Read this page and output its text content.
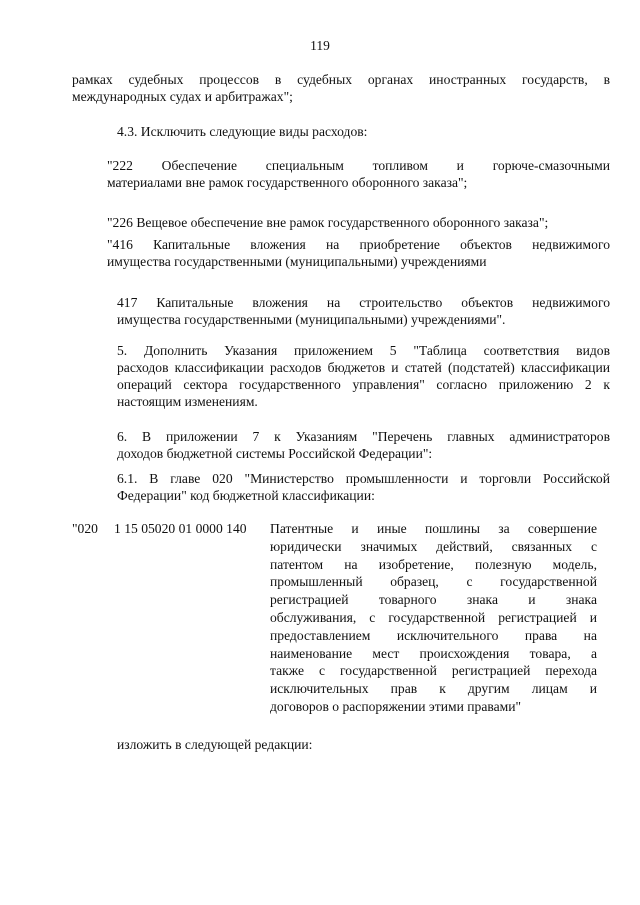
119
рамках судебных процессов в судебных органах иностранных государств, в
международных судах и арбитражах";
4.3. Исключить следующие виды расходов:
"222 Обеспечение специальным топливом и горюче-смазочными
материалами вне рамок государственного оборонного заказа";
"226 Вещевое обеспечение вне рамок государственного оборонного заказа";
"416 Капитальные вложения на приобретение объектов недвижимого
имущества государственными (муниципальными) учреждениями
417 Капитальные вложения на строительство объектов недвижимого
имущества государственными (муниципальными) учреждениями".
5. Дополнить Указания приложением 5 "Таблица соответствия видов
расходов классификации расходов бюджетов и статей (подстатей) классификации
операций сектора государственного управления" согласно приложению 2 к
настоящим изменениям.
6. В приложении 7 к Указаниям "Перечень главных администраторов
доходов бюджетной системы Российской Федерации":
6.1. В главе 020 "Министерство промышленности и торговли Российской
Федерации" код бюджетной классификации:
"020 1 15 05020 01 0000 140 Патентные и иные пошлины за совершение
юридически значимых действий, связанных с
патентом на изобретение, полезную модель,
промышленный образец, с государственной
регистрацией товарного знака и знака
обслуживания, с государственной регистрацией и
предоставлением исключительного права на
наименование мест происхождения товара, а
также с государственной регистрацией перехода
исключительных прав к другим лицам и
договоров о распоряжении этими правами"
изложить в следующей редакции:
